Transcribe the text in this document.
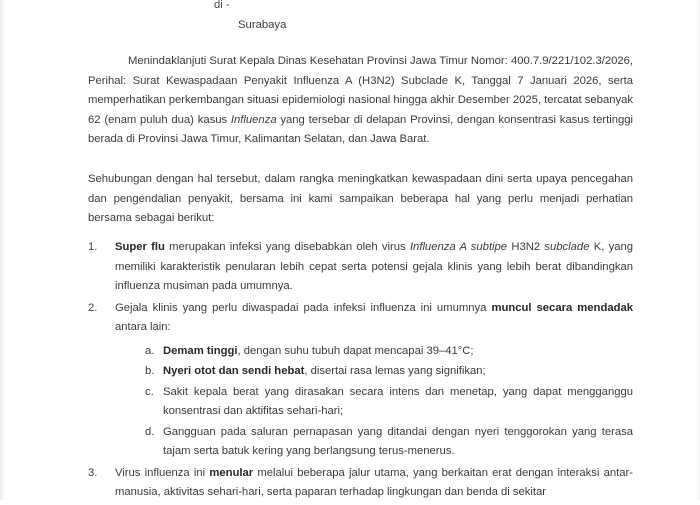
di -
Surabaya

Menindaklanjuti Surat Kepala Dinas Kesehatan Provinsi Jawa Timur Nomor: 400.7.9/221/102.3/2026, Perihal: Surat Kewaspadaan Penyakit Influenza A (H3N2) Subclade K, Tanggal 7 Januari 2026, serta memperhatikan perkembangan situasi epidemiologi nasional hingga akhir Desember 2025, tercatat sebanyak 62 (enam puluh dua) kasus Influenza yang tersebar di delapan Provinsi, dengan konsentrasi kasus tertinggi berada di Provinsi Jawa Timur, Kalimantan Selatan, dan Jawa Barat.

Sehubungan dengan hal tersebut, dalam rangka meningkatkan kewaspadaan dini serta upaya pencegahan dan pengendalian penyakit, bersama ini kami sampaikan beberapa hal yang perlu menjadi perhatian bersama sebagai berikut:

1.	Super flu merupakan infeksi yang disebabkan oleh virus Influenza A subtipe H3N2 subclade K, yang memiliki karakteristik penularan lebih cepat serta potensi gejala klinis yang lebih berat dibandingkan influenza musiman pada umumnya.
2.	Gejala klinis yang perlu diwaspadai pada infeksi influenza ini umumnya muncul secara mendadak antara lain:
a. Demam tinggi, dengan suhu tubuh dapat mencapai 39–41°C;
b. Nyeri otot dan sendi hebat, disertai rasa lemas yang signifikan;
c. Sakit kepala berat yang dirasakan secara intens dan menetap, yang dapat mengganggu konsentrasi dan aktifitas sehari-hari;
d. Gangguan pada saluran pernapasan yang ditandai dengan nyeri tenggorokan yang terasa tajam serta batuk kering yang berlangsung terus-menerus.
3.	Virus influenza ini menular melalui beberapa jalur utama, yang berkaitan erat dengan interaksi antar-manusia, aktivitas sehari-hari, serta paparan terhadap lingkungan dan benda di sekitar
